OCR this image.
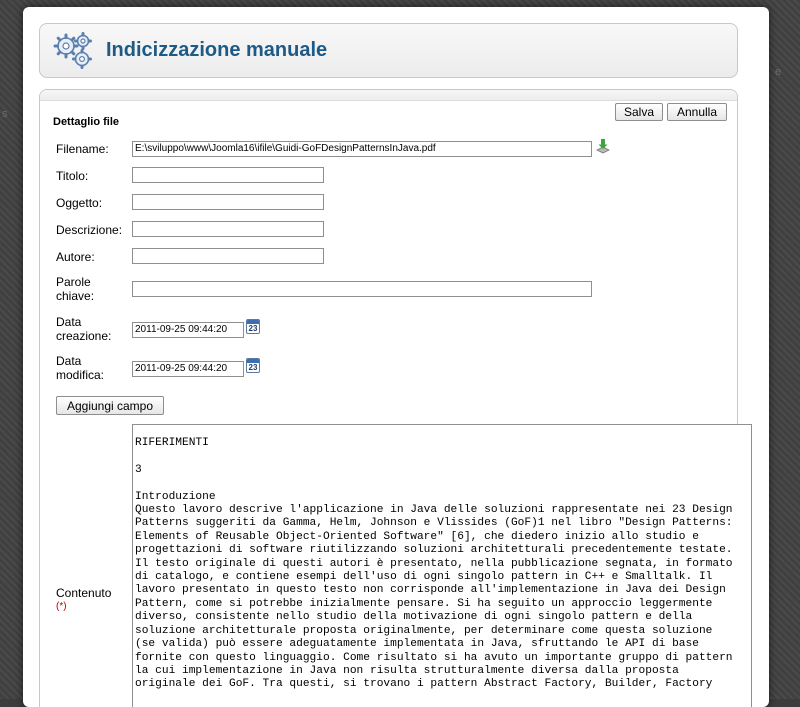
s
e
Indicizzazione manuale
Salva	Annulla
Dettaglio file
Filename:	E:\sviluppo\www\Joomla16\ifile\Guidi-GoFDesignPatternsInJava.pdf
Titolo:
Oggetto:
Descrizione:
Autore:
Parole
chiave:
Data
creazione:	2011-09-25 09:44:20	23
Data
modifica:	2011-09-25 09:44:20	23
Aggiungi campo
Contenuto
(*)
RIFERIMENTI

3

Introduzione
Questo lavoro descrive l'applicazione in Java delle soluzioni rappresentate nei 23 Design
Patterns suggeriti da Gamma, Helm, Johnson e Vlissides (GoF)1 nel libro "Design Patterns:
Elements of Reusable Object-Oriented Software" [6], che diedero inizio allo studio e
progettazioni di software riutilizzando soluzioni architetturali precedentemente testate.
Il testo originale di questi autori è presentato, nella pubblicazione segnata, in formato
di catalogo, e contiene esempi dell'uso di ogni singolo pattern in C++ e Smalltalk. Il
lavoro presentato in questo testo non corrisponde all'implementazione in Java dei Design
Pattern, come si potrebbe inizialmente pensare. Si ha seguito un approccio leggermente
diverso, consistente nello studio della motivazione di ogni singolo pattern e della
soluzione architetturale proposta originalmente, per determinare come questa soluzione
(se valida) può essere adeguatamente implementata in Java, sfruttando le API di base
fornite con questo linguaggio. Come risultato si ha avuto un importante gruppo di pattern
la cui implementazione in Java non risulta strutturalmente diversa dalla proposta
originale dei GoF. Tra questi, si trovano i pattern Abstract Factory, Builder, Factory
